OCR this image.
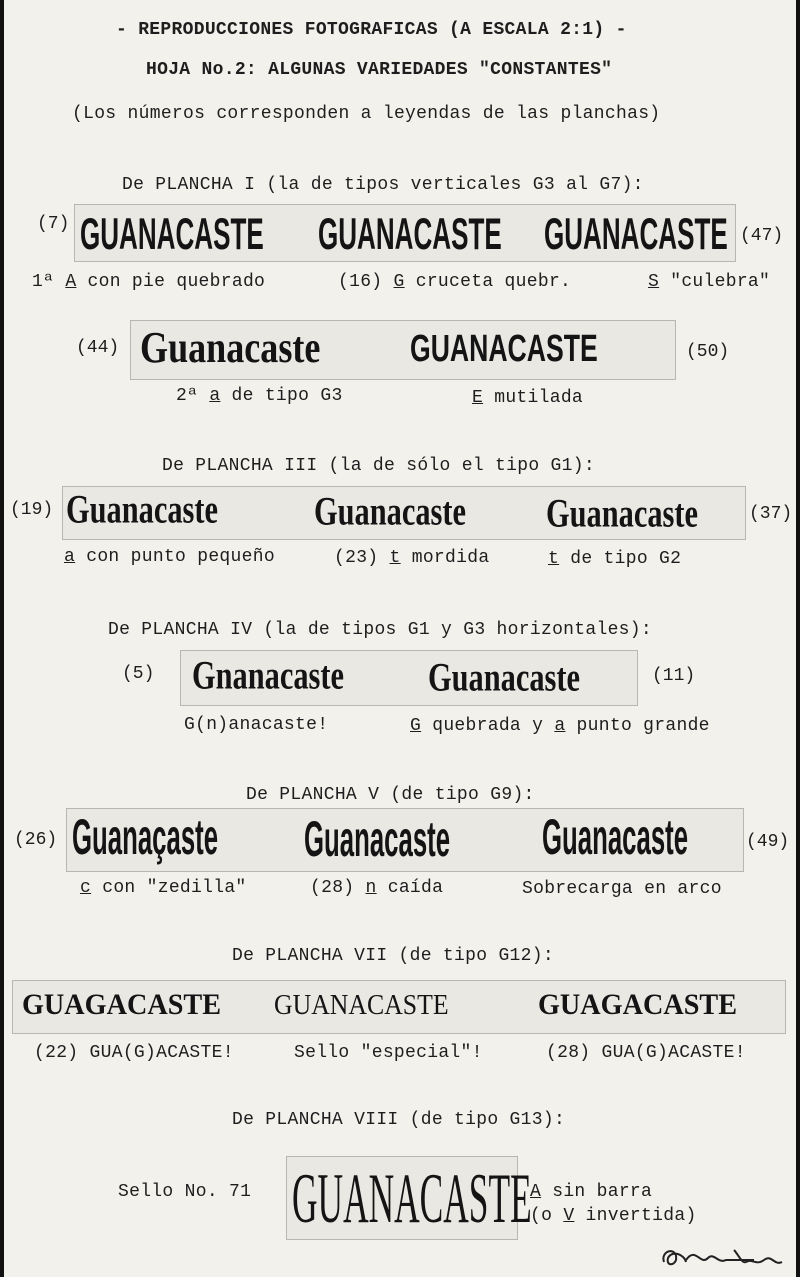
- REPRODUCCIONES FOTOGRAFICAS (A ESCALA 2:1) -
HOJA No.2: ALGUNAS VARIEDADES "CONSTANTES"
(Los números corresponden a leyendas de las planchas)
De PLANCHA I (la de tipos verticales G3 al G7):
(7)
(47)
GUANACASTE	GUANACASTE	GUANACASTE
1ª A con pie quebrado	(16) G cruceta quebr.	S "culebra"
(44)	(50)
Guanacaste	GUANACASTE
2ª a de tipo G3	E mutilada
De PLANCHA III (la de sólo el tipo G1):
(19)	(37)
Guanacaste	Guanacaste	Guanacaste
a con punto pequeño	(23) t mordida	t de tipo G2
De PLANCHA IV (la de tipos G1 y G3 horizontales):
(5)	(11)
Gnanacaste	Guanacaste
G(n)anacaste!	G quebrada y a punto grande
De PLANCHA V (de tipo G9):
(26)	(49)
Guanaçaste	Guanacaste	Guanacaste
c con "zedilla"	(28) n caída	Sobrecarga en arco
De PLANCHA VII (de tipo G12):
GUAGACASTE	GUANACASTE	GUAGACASTE
(22) GUA(G)ACASTE!	Sello "especial"!	(28) GUA(G)ACASTE!
De PLANCHA VIII (de tipo G13):
Sello No. 71 GUANACASTE
A sin barra
(o V invertida)
